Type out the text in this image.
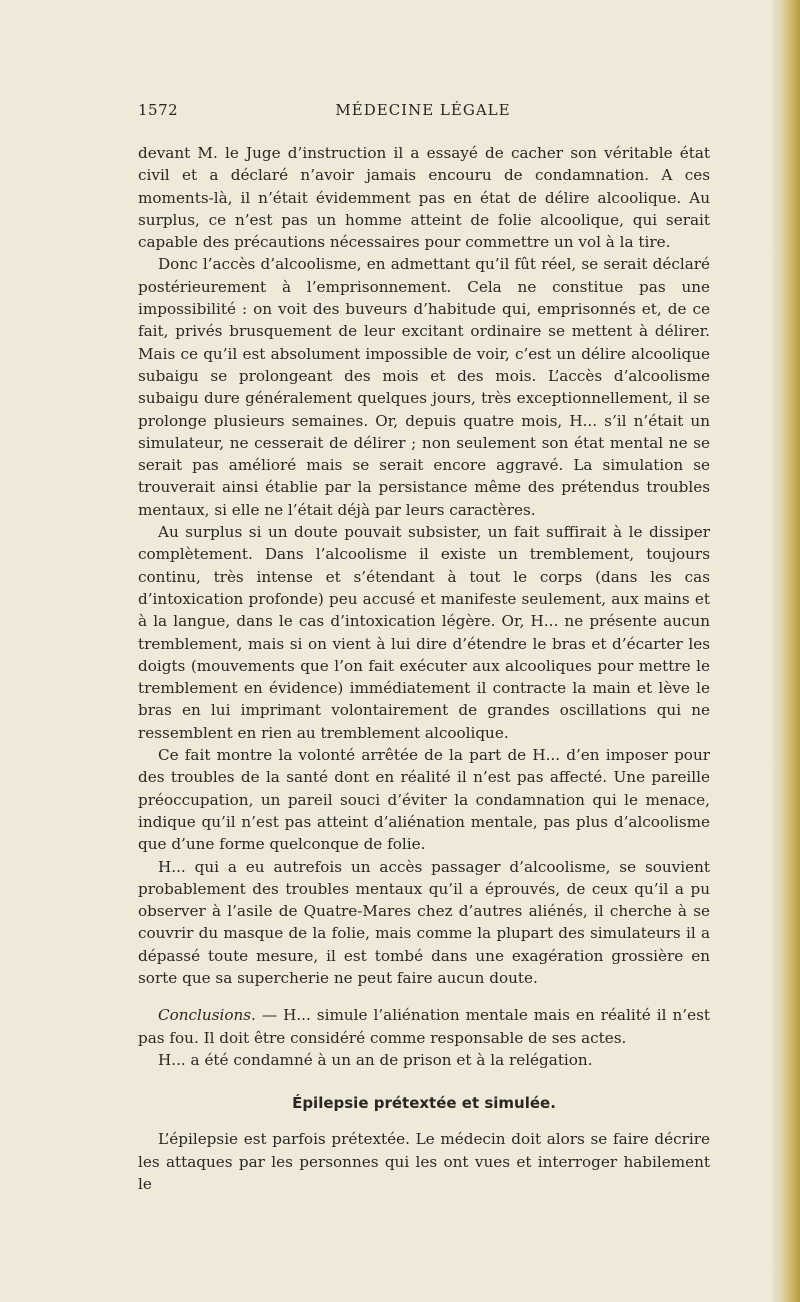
1572	MÉDECINE LÉGALE

devant M. le Juge d’instruction il a essayé de cacher son véritable état civil et a déclaré n’avoir jamais encouru de condamnation. A ces moments-là, il n’était évidemment pas en état de délire alcoolique. Au surplus, ce n’est pas un homme atteint de folie alcoolique, qui serait capable des précautions nécessaires pour commettre un vol à la tire.

Donc l’accès d’alcoolisme, en admettant qu’il fût réel, se serait déclaré postérieurement à l’emprisonnement. Cela ne constitue pas une impossibilité : on voit des buveurs d’habitude qui, emprisonnés et, de ce fait, privés brusquement de leur excitant ordinaire se mettent à délirer. Mais ce qu’il est absolument impossible de voir, c’est un délire alcoolique subaigu se prolongeant des mois et des mois. L’accès d’alcoolisme subaigu dure généralement quelques jours, très exceptionnellement, il se prolonge plusieurs semaines. Or, depuis quatre mois, H... s’il n’était un simulateur, ne cesserait de délirer ; non seulement son état mental ne se serait pas amélioré mais se serait encore aggravé. La simulation se trouverait ainsi établie par la persistance même des prétendus troubles mentaux, si elle ne l’était déjà par leurs caractères.

Au surplus si un doute pouvait subsister, un fait suffirait à le dissiper complètement. Dans l’alcoolisme il existe un tremblement, toujours continu, très intense et s’étendant à tout le corps (dans les cas d’intoxication profonde) peu accusé et manifeste seulement, aux mains et à la langue, dans le cas d’intoxication légère. Or, H... ne présente aucun tremblement, mais si on vient à lui dire d’étendre le bras et d’écarter les doigts (mouvements que l’on fait exécuter aux alcooliques pour mettre le tremblement en évidence) immédiatement il contracte la main et lève le bras en lui imprimant volontairement de grandes oscillations qui ne ressemblent en rien au tremblement alcoolique.

Ce fait montre la volonté arrêtée de la part de H... d’en imposer pour des troubles de la santé dont en réalité il n’est pas affecté. Une pareille préoccupation, un pareil souci d’éviter la condamnation qui le menace, indique qu’il n’est pas atteint d’aliénation mentale, pas plus d’alcoolisme que d’une forme quelconque de folie.

H... qui a eu autrefois un accès passager d’alcoolisme, se souvient probablement des troubles mentaux qu’il a éprouvés, de ceux qu’il a pu observer à l’asile de Quatre-Mares chez d’autres aliénés, il cherche à se couvrir du masque de la folie, mais comme la plupart des simulateurs il a dépassé toute mesure, il est tombé dans une exagération grossière en sorte que sa supercherie ne peut faire aucun doute.

Conclusions. — H... simule l’aliénation mentale mais en réalité il n’est pas fou. Il doit être considéré comme responsable de ses actes.

H... a été condamné à un an de prison et à la relégation.

Épilepsie prétextée et simulée.

L’épilepsie est parfois prétextée. Le médecin doit alors se faire décrire les attaques par les personnes qui les ont vues et interroger habilement le
